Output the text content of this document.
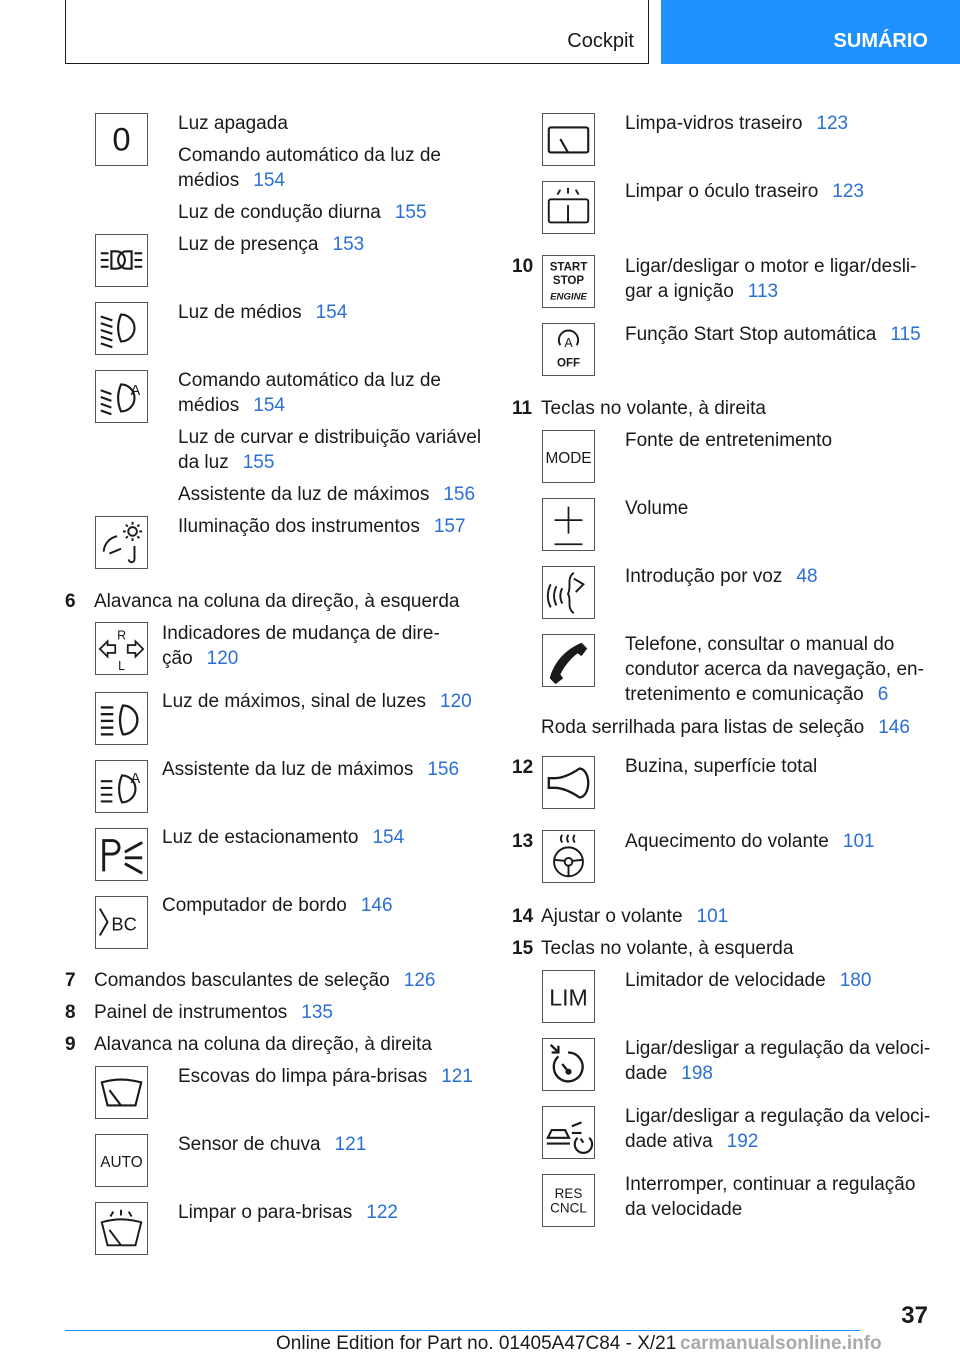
Cockpit	SUMÁRIO
0 Luz apagada
Comando automático da luz de
médios 154
Luz de condução diurna 155
Luz de presença 153
Luz de médios 154
A
Comando automático da luz de
médios 154
Luz de curvar e distribuição variável
da luz 155
Assistente da luz de máximos 156
Iluminação dos instrumentos 157
6 Alavanca na coluna da direção, à esquerda
R
L
Indicadores de mudança de dire-
ção 120
Luz de máximos, sinal de luzes 120
A Assistente da luz de máximos 156
Luz de estacionamento 154
BC
Computador de bordo 146
7 Comandos basculantes de seleção 126
8 Painel de instrumentos 135
9 Alavanca na coluna da direção, à direita
Escovas do limpa pára-brisas 121
AUTO
Sensor de chuva 121
Limpar o para-brisas 122
Limpa-vidros traseiro 123
Limpar o óculo traseiro 123
10 START
STOP
ENGINE
Ligar/desligar o motor e ligar/desli-
gar a ignição 113
A
OFF
Função Start Stop automática 115
11 Teclas no volante, à direita
MODE
Fonte de entretenimento
Volume
Introdução por voz 48
Telefone, consultar o manual do
condutor acerca da navegação, en-
tretenimento e comunicação 6
Roda serrilhada para listas de seleção 146
12	Buzina, superfície total
13	Aquecimento do volante 101
14 Ajustar o volante 101
15 Teclas no volante, à esquerda
LIM
Limitador de velocidade 180
Ligar/desligar a regulação da veloci-
dade 198
Ligar/desligar a regulação da veloci-
dade ativa 192
RES
CNCL
Interromper, continuar a regulação
da velocidade
37
Online Edition for Part no. 01405A47C84 - X/21 carmanualsonline.info
